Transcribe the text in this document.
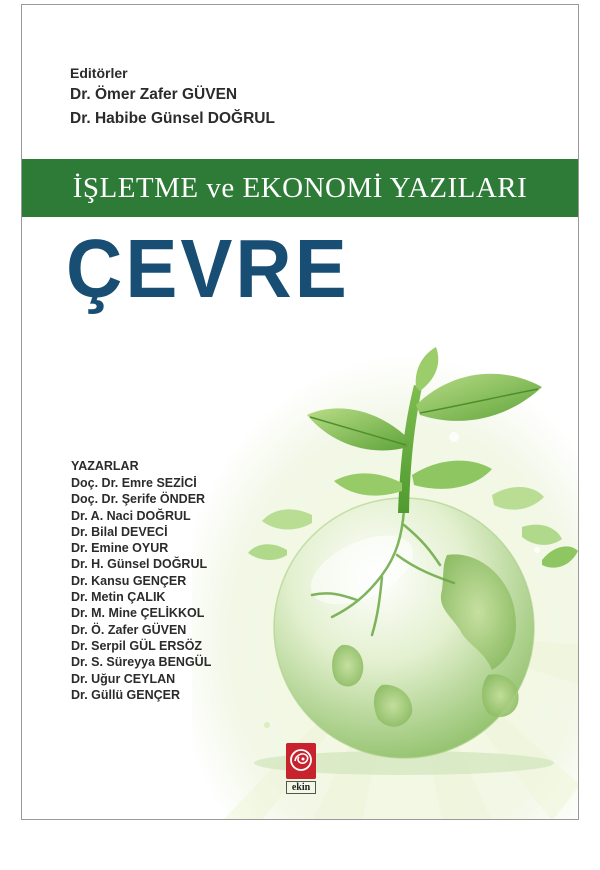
Editörler
Dr. Ömer Zafer GÜVEN
Dr. Habibe Günsel DOĞRUL
İŞLETME ve EKONOMİ YAZILARI
ÇEVRE
YAZARLAR
Doç. Dr. Emre SEZİCİ
Doç. Dr. Şerife ÖNDER
Dr. A. Naci DOĞRUL
Dr. Bilal DEVECİ
Dr. Emine OYUR
Dr. H. Günsel DOĞRUL
Dr. Kansu GENÇER
Dr. Metin ÇALIK
Dr. M. Mine ÇELİKKOL
Dr. Ö. Zafer GÜVEN
Dr. Serpil GÜL ERSÖZ
Dr. S. Süreyya BENGÜL
Dr. Uğur CEYLAN
Dr. Güllü GENÇER
ekin
